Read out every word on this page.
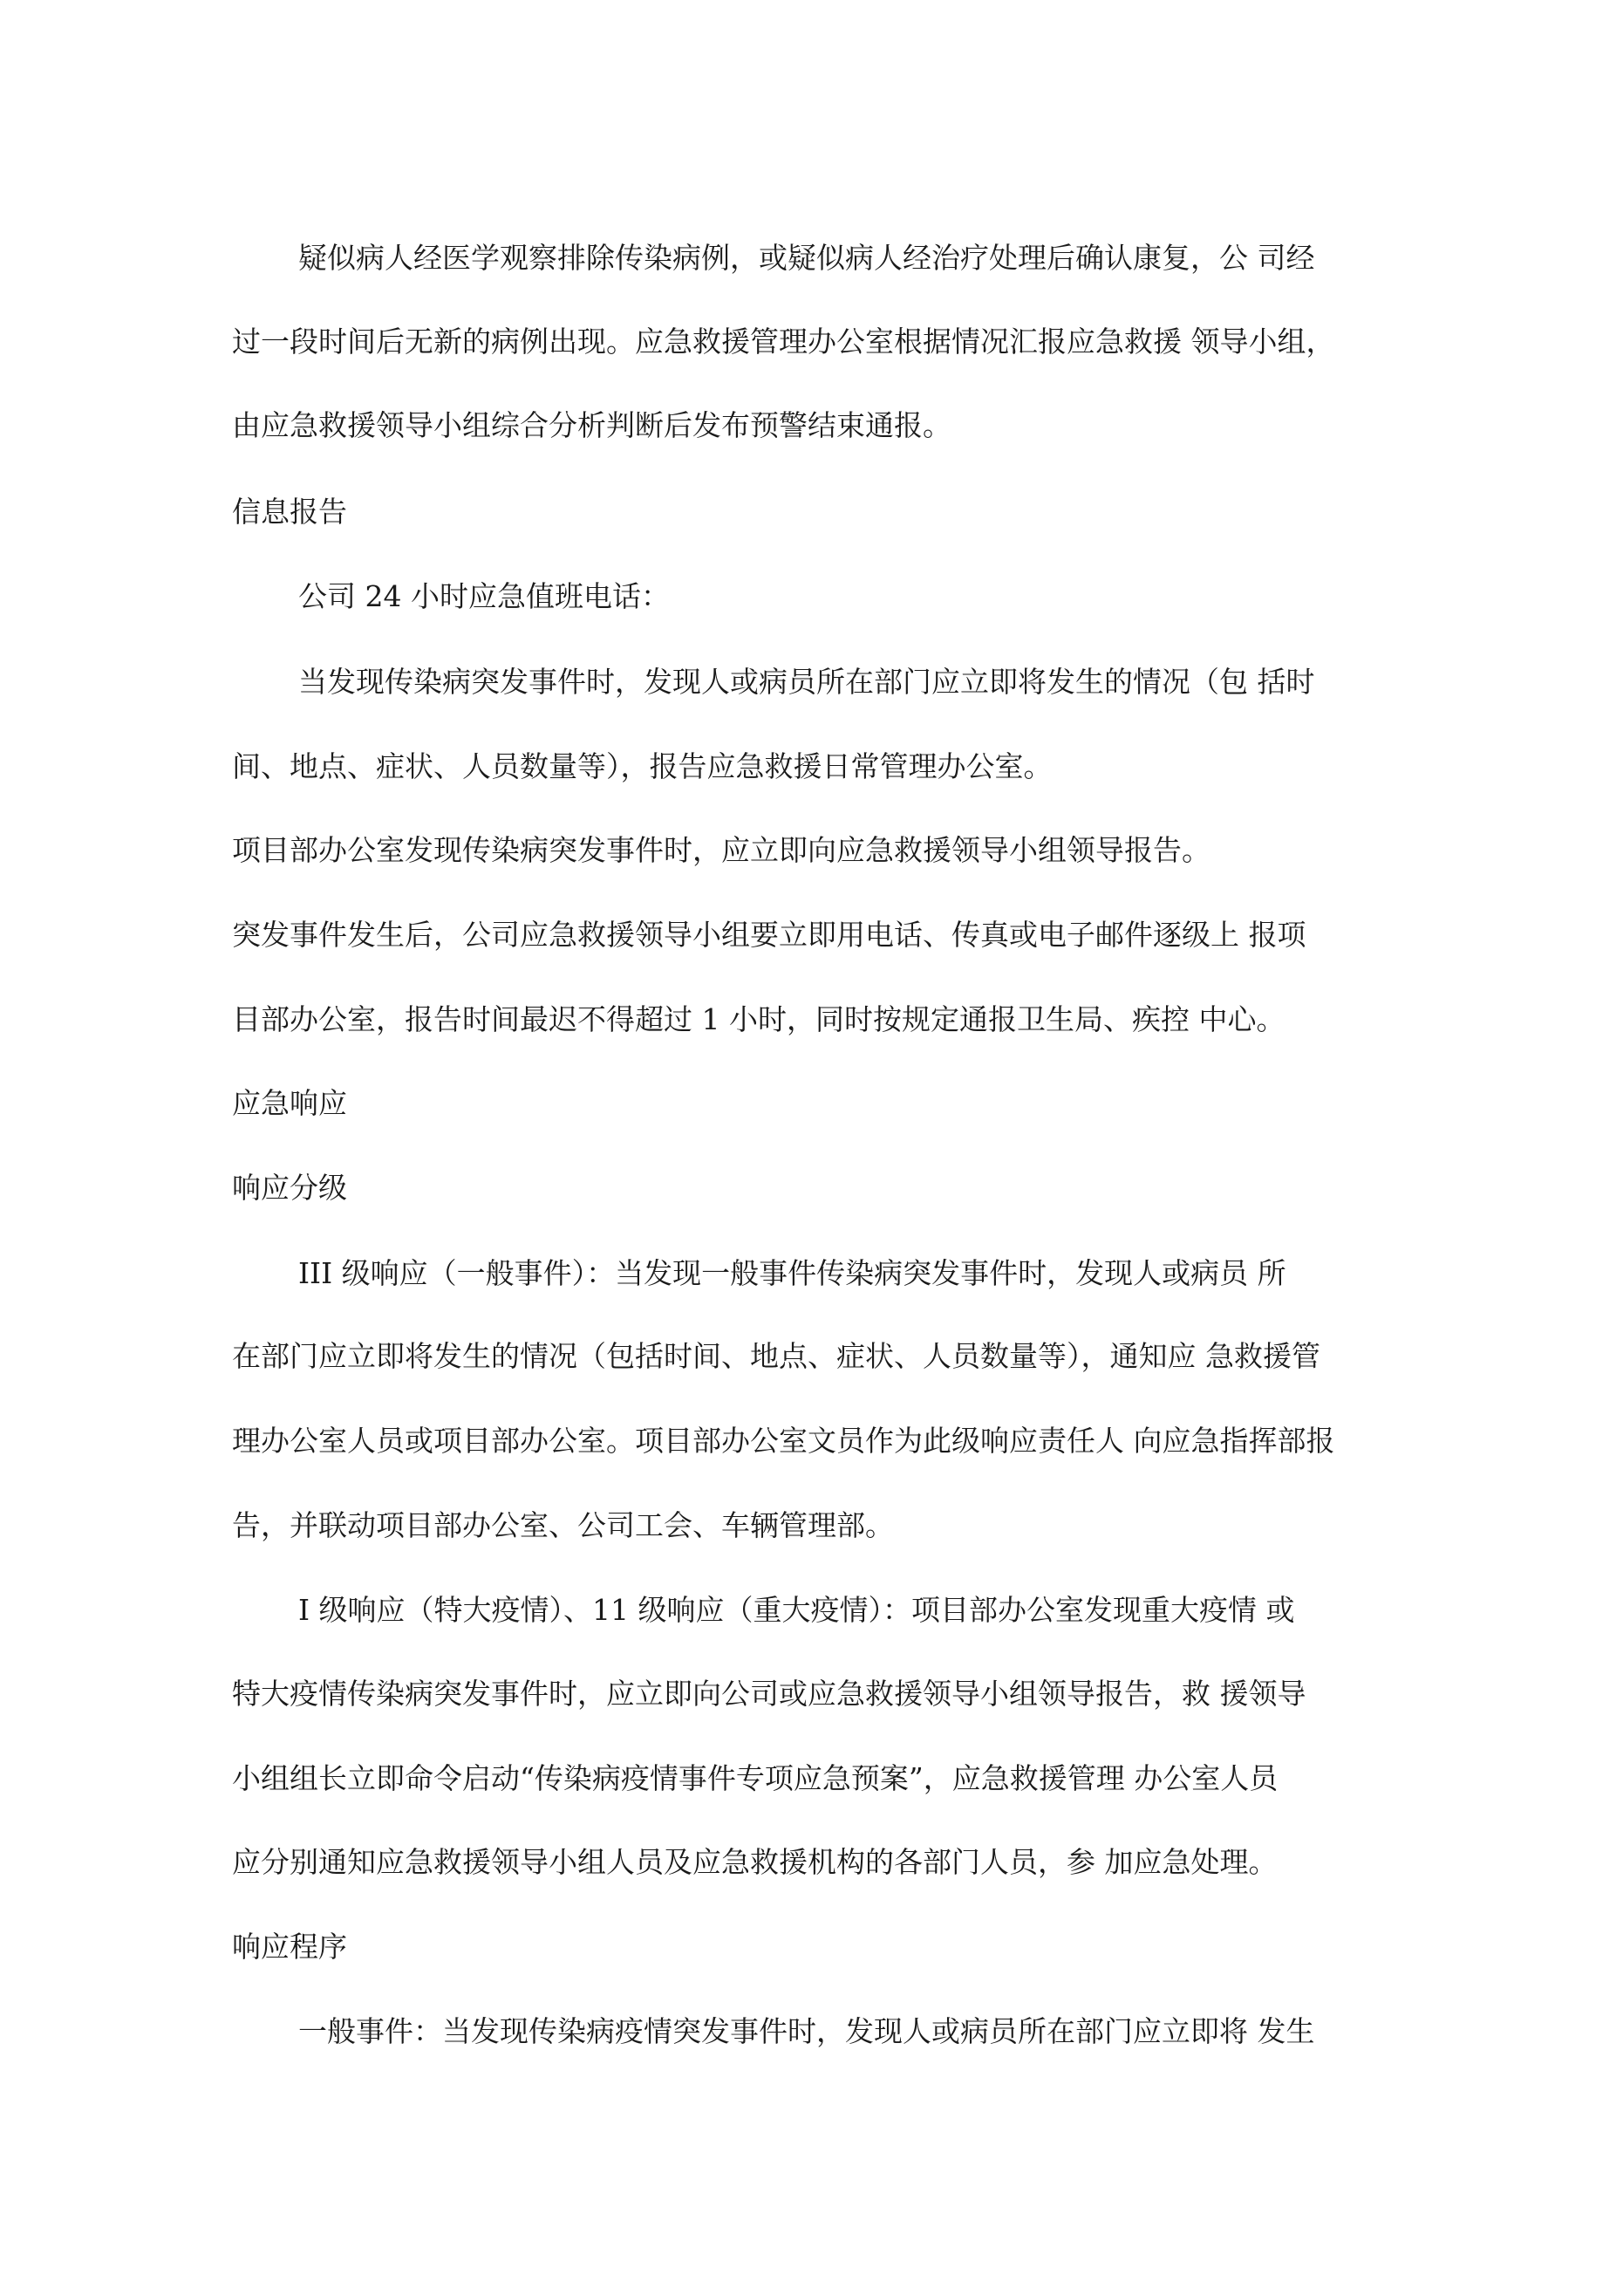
疑似病人经医学观察排除传染病例，或疑似病人经治疗处理后确认康复，公 司经

过一段时间后无新的病例出现。应急救援管理办公室根据情况汇报应急救援 领导小组，

由应急救援领导小组综合分析判断后发布预警结束通报。

信息报告

公司 24 小时应急值班电话：

当发现传染病突发事件时，发现人或病员所在部门应立即将发生的情况（包 括时

间、地点、症状、人员数量等），报告应急救援日常管理办公室。

项目部办公室发现传染病突发事件时，应立即向应急救援领导小组领导报告。

突发事件发生后，公司应急救援领导小组要立即用电话、传真或电子邮件逐级上 报项

目部办公室，报告时间最迟不得超过 1 小时，同时按规定通报卫生局、疾控 中心。

应急响应

响应分级

III 级响应（一般事件）：当发现一般事件传染病突发事件时，发现人或病员 所

在部门应立即将发生的情况（包括时间、地点、症状、人员数量等），通知应 急救援管

理办公室人员或项目部办公室。项目部办公室文员作为此级响应责任人 向应急指挥部报

告，并联动项目部办公室、公司工会、车辆管理部。

I 级响应（特大疫情）、11 级响应（重大疫情）：项目部办公室发现重大疫情 或

特大疫情传染病突发事件时，应立即向公司或应急救援领导小组领导报告，救 援领导

小组组长立即命令启动“传染病疫情事件专项应急预案”，应急救援管理 办公室人员

应分别通知应急救援领导小组人员及应急救援机构的各部门人员，参 加应急处理。

响应程序

一般事件：当发现传染病疫情突发事件时，发现人或病员所在部门应立即将 发生
